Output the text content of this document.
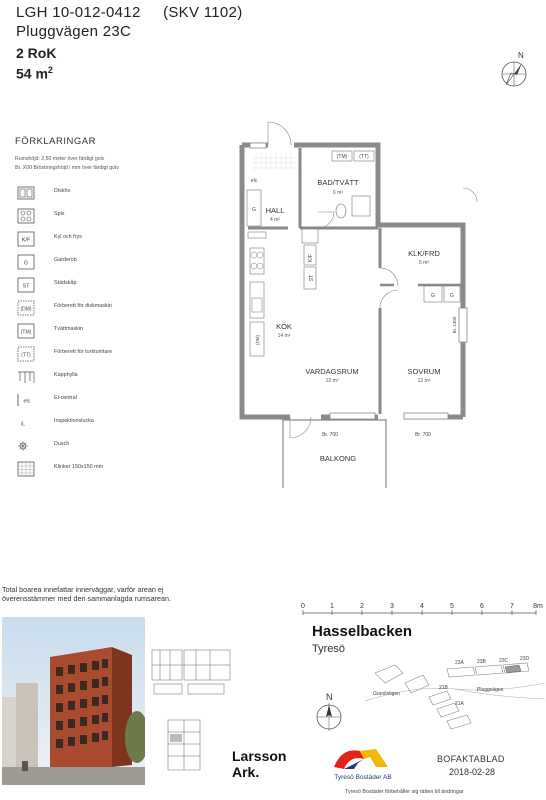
LGH 10-012-0412 (SKV 1102)
Pluggvägen 23C
2 RoK
54 $m^2$
N
FÖRKLARINGAR
Rumshöjd: 2,50 meter över färdigt golv
Br. X00 Bröstningshöjd i mm över färdigt golv
Diskho
Spis
K/F
Kyl och frys
G
Garderob
ST
Städskåp
(DM)
Förberett för diskmaskin
(TM)
Tvättmaskin
(TT)
Förberett för torktumlare
Kapphylla
elc
El-central
iL
Inspektionslucka
Dusch
Klinker 150x150 mm
BAD/TVÄTT
HALL
KLK/FRD
KÖK
VARDAGSRUM	SOVRUM
BALKONG
6 m²
4 m²
5 m²
14 m²
12 m²	12 m²
elc
G
(TM) (TT)
G	G
Br. 700	Br. 700
ST
K/F
(DM)
Br. 1300
Total boarea innefattar innerväggar, varför arean ej överensstämmer med den sammanlagda rumsarean.
0	1	2	3	4	5	6	7	8m
Hasselbacken
Tyresö
Granitstigen
Pluggvägen
23A	23B	23C 23D
21A
21B
N
Larsson
Ark.	Tyresö Bostäder AB
BOFAKTABLAD
2018-02-28
Tyresö Bostäder förbehåller sig rätten till ändringar
